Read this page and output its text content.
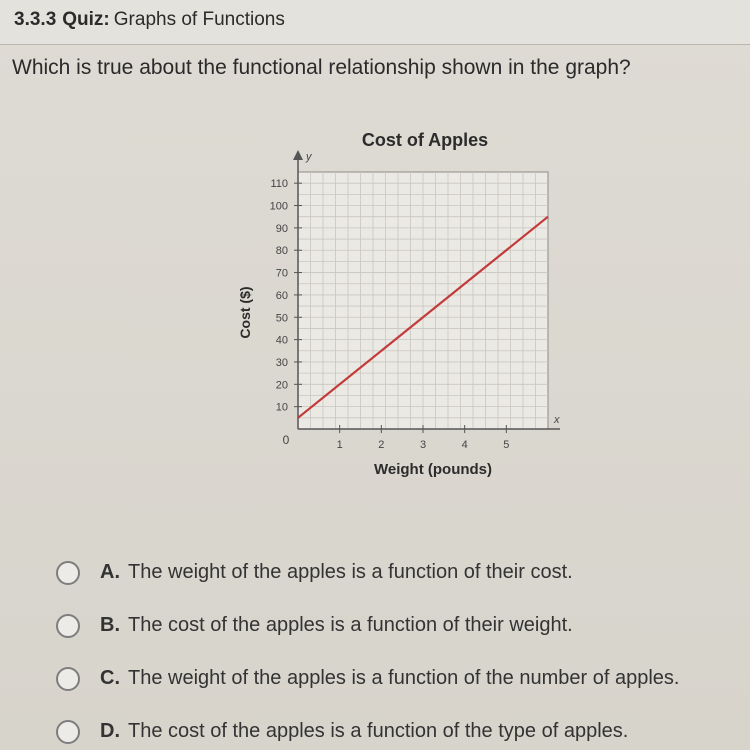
3.3.3 Quiz: Graphs of Functions
Which is true about the functional relationship shown in the graph?
y
x
Cost of Apples
10
20
30
40
50
60
70
80
90
100
110
1	2	3	4	5
0
Weight (pounds)
Cost ($)
A. The weight of the apples is a function of their cost.
B. The cost of the apples is a function of their weight.
C. The weight of the apples is a function of the number of apples.
D. The cost of the apples is a function of the type of apples.
